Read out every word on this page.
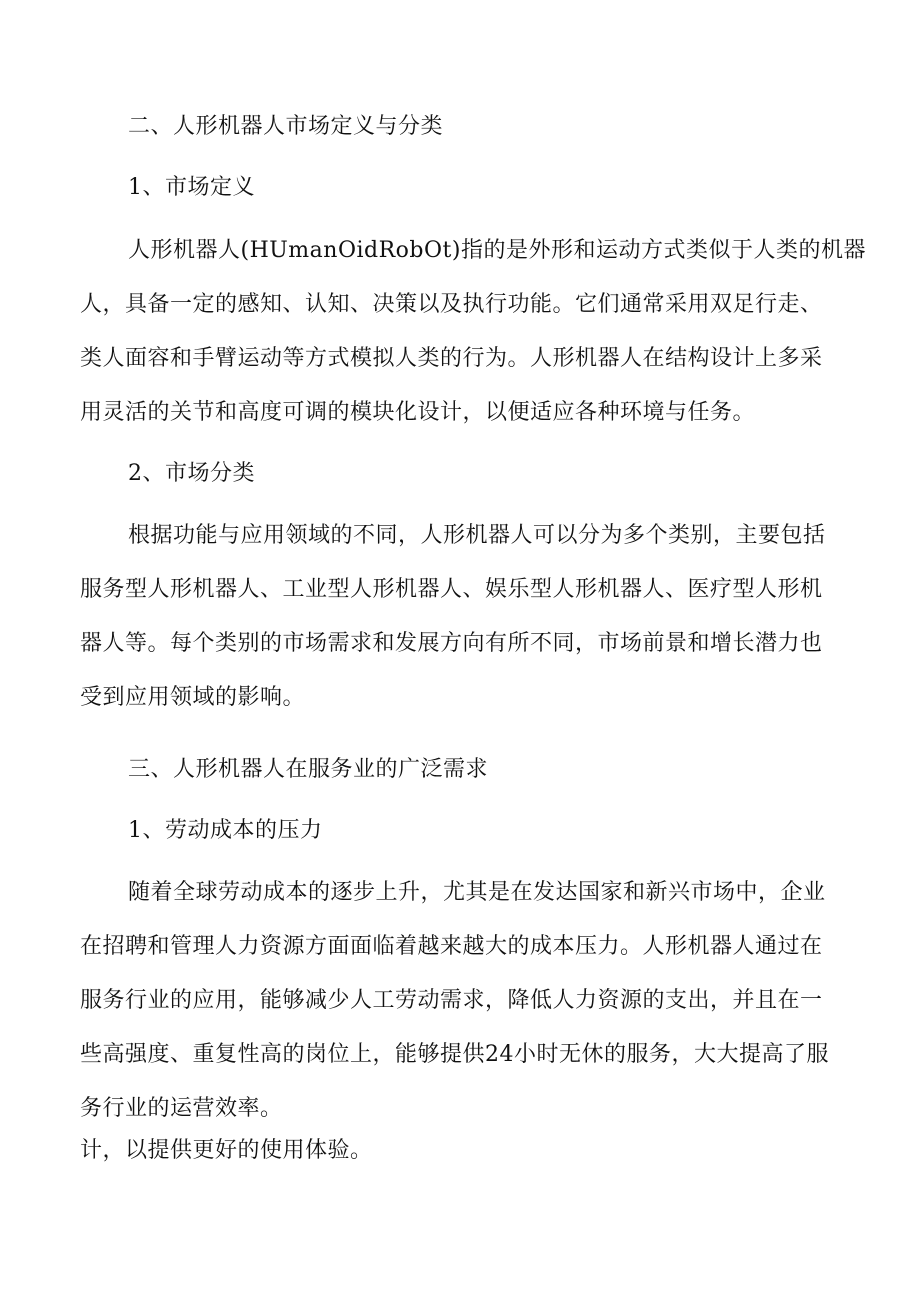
二、人形机器人市场定义与分类

1、市场定义

人形机器人(HUmanOidRobOt)指的是外形和运动方式类似于人类的机器

人，具备一定的感知、认知、决策以及执行功能。它们通常采用双足行走、

类人面容和手臂运动等方式模拟人类的行为。人形机器人在结构设计上多采

用灵活的关节和高度可调的模块化设计，以便适应各种环境与任务。

2、市场分类

根据功能与应用领域的不同，人形机器人可以分为多个类别，主要包括

服务型人形机器人、工业型人形机器人、娱乐型人形机器人、医疗型人形机

器人等。每个类别的市场需求和发展方向有所不同，市场前景和增长潜力也

受到应用领域的影响。

三、人形机器人在服务业的广泛需求

1、劳动成本的压力

随着全球劳动成本的逐步上升，尤其是在发达国家和新兴市场中，企业

在招聘和管理人力资源方面面临着越来越大的成本压力。人形机器人通过在

服务行业的应用，能够减少人工劳动需求，降低人力资源的支出，并且在一

些高强度、重复性高的岗位上，能够提供24小时无休的服务，大大提高了服

务行业的运营效率。

计，以提供更好的使用体验。
